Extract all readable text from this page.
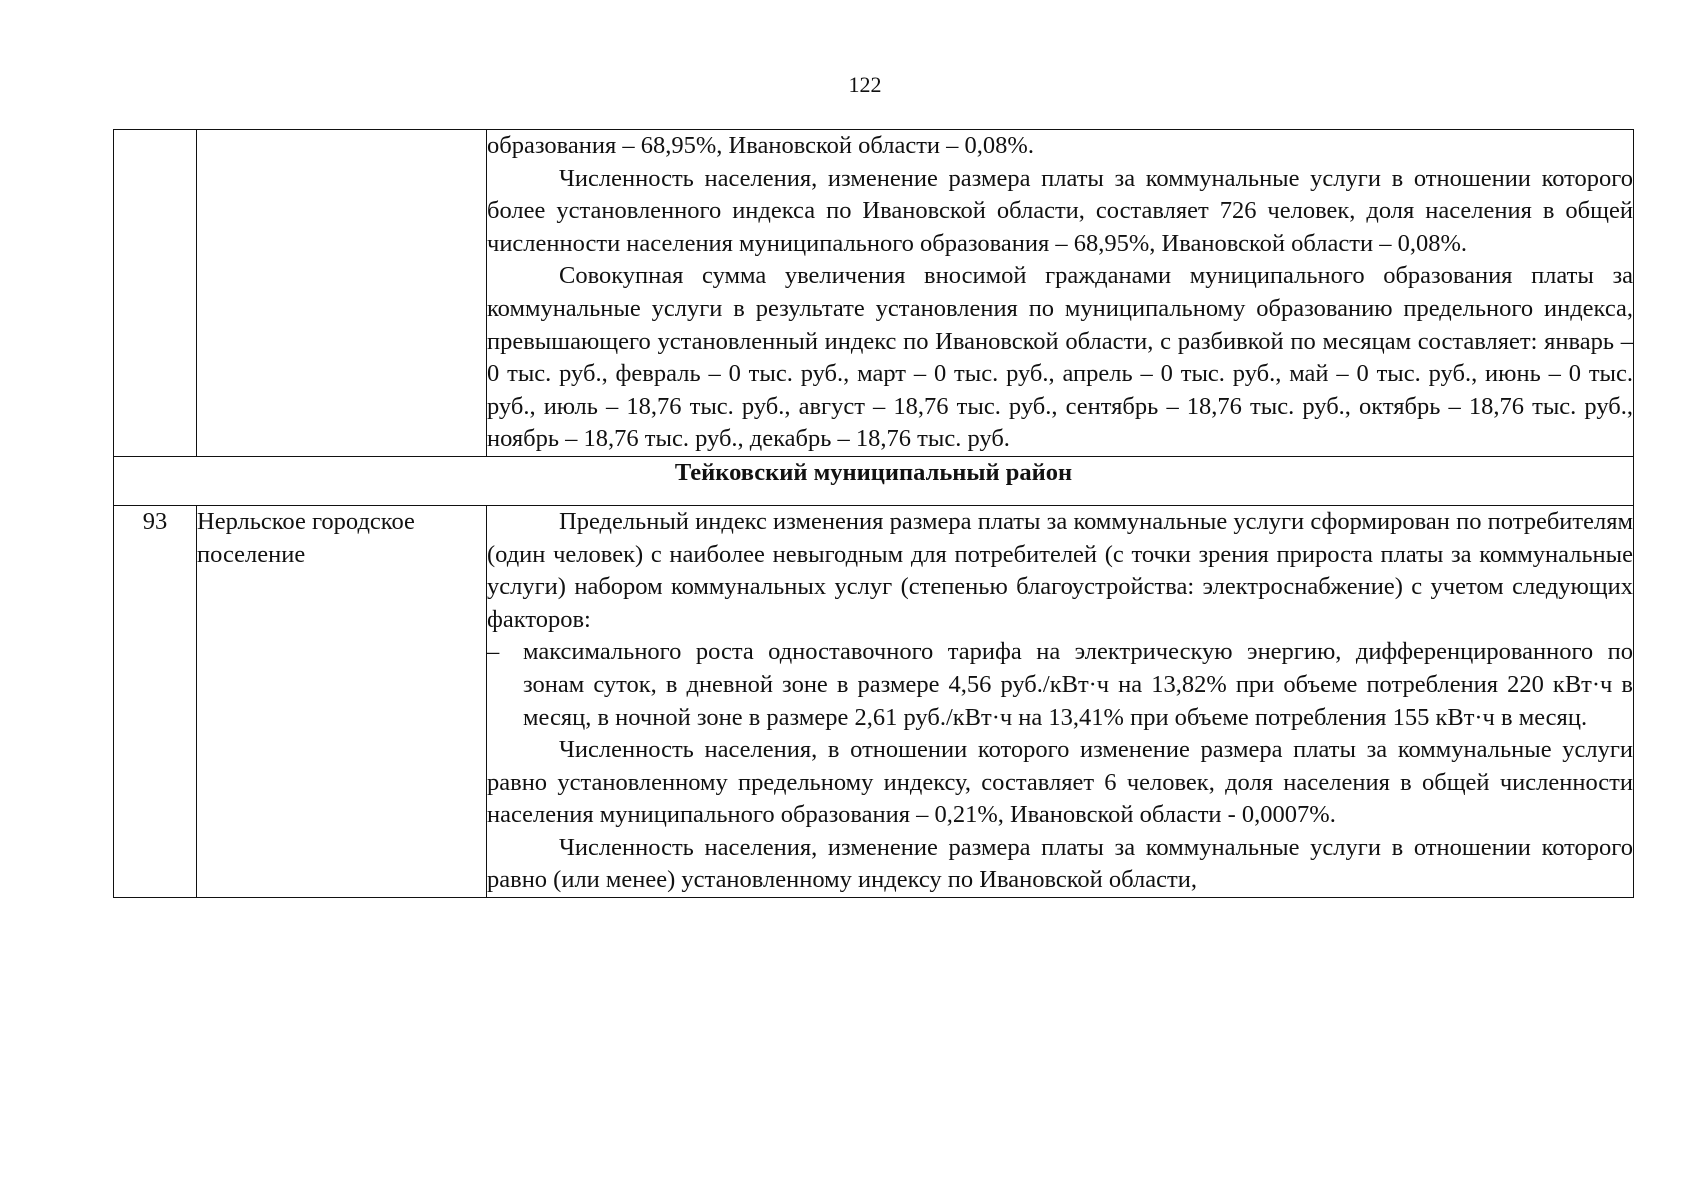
122

		образования – 68,95%, Ивановской области – 0,08%.

Численность населения, изменение размера платы за коммунальные услуги в отношении которого более установленного индекса по Ивановской области, составляет 726 человек, доля населения в общей численности населения муниципального образования – 68,95%, Ивановской области – 0,08%.

Совокупная сумма увеличения вносимой гражданами муниципального образования платы за коммунальные услуги в результате установления по муниципальному образованию предельного индекса, превышающего установленный индекс по Ивановской области, с разбивкой по месяцам составляет: январь – 0 тыс. руб., февраль – 0 тыс. руб., март – 0 тыс. руб., апрель – 0 тыс. руб., май – 0 тыс. руб., июнь – 0 тыс. руб., июль – 18,76 тыс. руб., август – 18,76 тыс. руб., сентябрь – 18,76 тыс. руб., октябрь – 18,76 тыс. руб., ноябрь – 18,76 тыс. руб., декабрь – 18,76 тыс. руб.

Тейковский муниципальный район		
93	Нерльское городское поселение	Предельный индекс изменения размера платы за коммунальные услуги сформирован по потребителям (один человек) с наиболее невыгодным для потребителей (с точки зрения прироста платы за коммунальные услуги) набором коммунальных услуг (степенью благоустройства: электроснабжение) с учетом следующих факторов:

– максимального роста одноставочного тарифа на электрическую энергию, дифференцированного по зонам суток, в дневной зоне в размере 4,56 руб./кВт·ч на 13,82% при объеме потребления 220 кВт·ч в месяц, в ночной зоне в размере 2,61 руб./кВт·ч на 13,41% при объеме потребления 155 кВт·ч в месяц.

Численность населения, в отношении которого изменение размера платы за коммунальные услуги равно установленному предельному индексу, составляет 6 человек, доля населения в общей численности населения муниципального образования – 0,21%, Ивановской области - 0,0007%.

Численность населения, изменение размера платы за коммунальные услуги в отношении которого равно (или менее) установленному индексу по Ивановской области,
